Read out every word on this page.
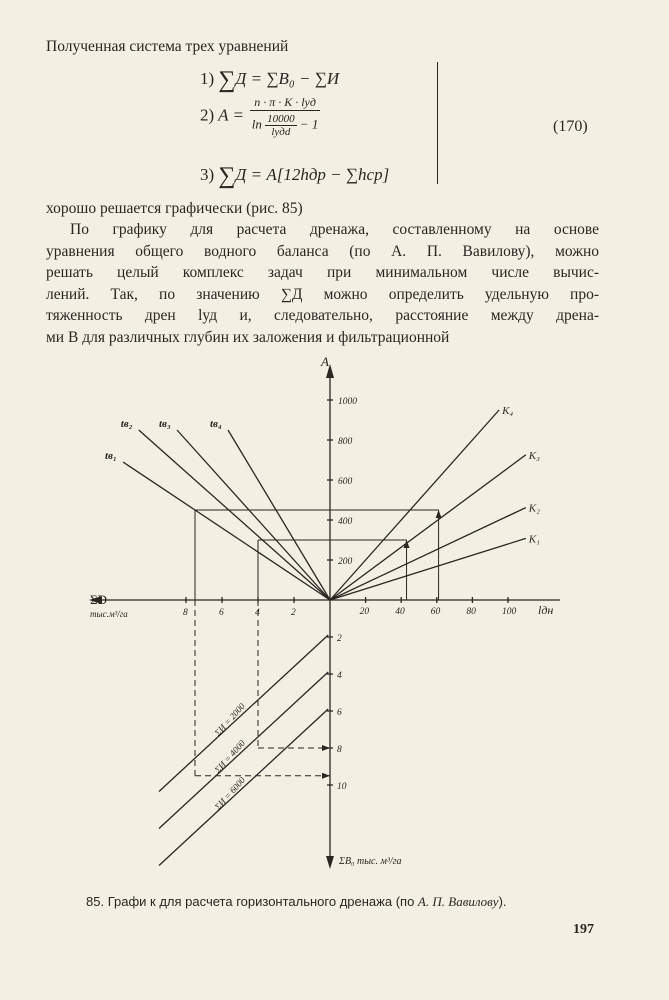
Полученная система трех уравнений
1) ∑Д = ∑B₀ − ∑И
2) A =
n · π · K · lуд
ln 10000
lудd
− 1
3) ∑Д = A[12hдр − ∑hср]
(170)
хорошо решается графически (рис. 85)
По графику для расчета дренажа, составленному на основе
уравнения общего водного баланса (по А. П. Вавилову), можно
решать целый комплекс задач при минимальном числе вычис-
лений. Так, по значению ∑Д можно определить удельную про-
тяженность дрен lуд и, следовательно, расстояние между дрена-
ми B для различных глубин их заложения и фильтрационной
A
lдн
ΣD
тыс.м³/га
ΣB₀ тыс. м³/га
200
400
600
800
1000
20	40	60	80	100
2
4
6
8
2
4
6
8
10
K₁
K₂
K₃
K₄
tв₁
tв₂ tв₃	tв₄
ΣИ = 2000
ΣИ = 4000
ΣИ = 6000
85. Графи к для расчета горизонтального дренажа (по А. П. Вавилову).
197
